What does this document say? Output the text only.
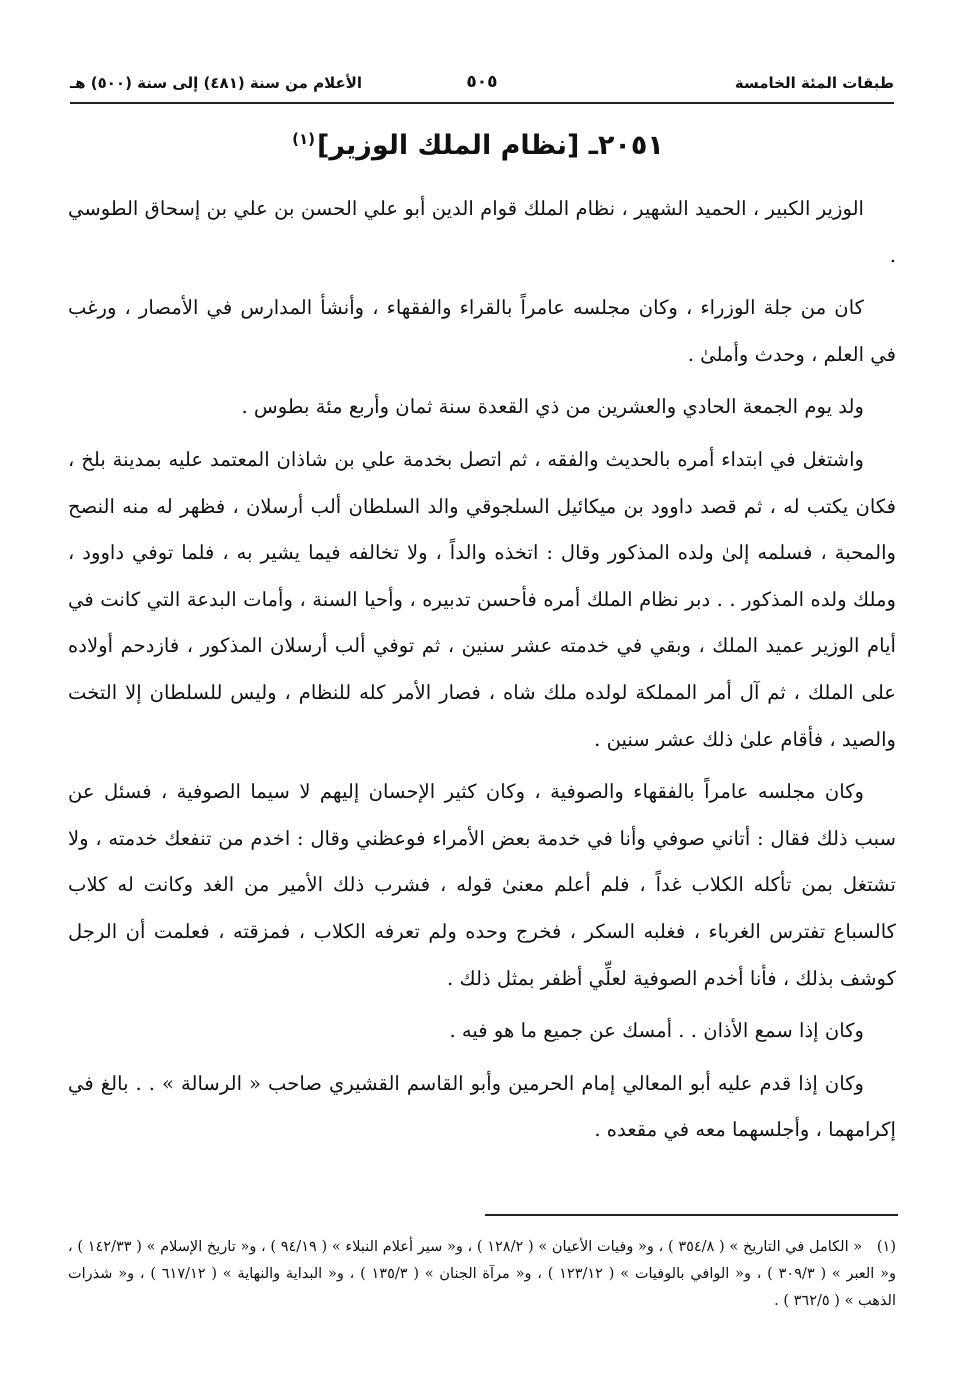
طبقات المئة الخامسة
٥٠٥
الأعلام من سنة (٤٨١) إلى سنة (٥٠٠) هـ
٢٠٥١ـ [نظام الملك الوزير]$^{(١)}$

الوزير الكبير ، الحميد الشهير ، نظام الملك قوام الدين أبو علي الحسن بن علي بن إسحاق الطوسي .

كان من جلة الوزراء ، وكان مجلسه عامراً بالقراء والفقهاء ، وأنشأ المدارس في الأمصار ، ورغب في العلم ، وحدث وأملىٰ .

ولد يوم الجمعة الحادي والعشرين من ذي القعدة سنة ثمان وأربع مئة بطوس .

واشتغل في ابتداء أمره بالحديث والفقه ، ثم اتصل بخدمة علي بن شاذان المعتمد عليه بمدينة بلخ ، فكان يكتب له ، ثم قصد داوود بن ميكائيل السلجوقي والد السلطان ألب أرسلان ، فظهر له منه النصح والمحبة ، فسلمه إلىٰ ولده المذكور وقال : اتخذه والداً ، ولا تخالفه فيما يشير به ، فلما توفي داوود ، وملك ولده المذكور . . دبر نظام الملك أمره فأحسن تدبيره ، وأحيا السنة ، وأمات البدعة التي كانت في أيام الوزير عميد الملك ، وبقي في خدمته عشر سنين ، ثم توفي ألب أرسلان المذكور ، فازدحم أولاده على الملك ، ثم آل أمر المملكة لولده ملك شاه ، فصار الأمر كله للنظام ، وليس للسلطان إلا التخت والصيد ، فأقام علىٰ ذلك عشر سنين .

وكان مجلسه عامراً بالفقهاء والصوفية ، وكان كثير الإحسان إليهم لا سيما الصوفية ، فسئل عن سبب ذلك فقال : أتاني صوفي وأنا في خدمة بعض الأمراء فوعظني وقال : اخدم من تنفعك خدمته ، ولا تشتغل بمن تأكله الكلاب غداً ، فلم أعلم معنىٰ قوله ، فشرب ذلك الأمير من الغد وكانت له كلاب كالسباع تفترس الغرباء ، فغلبه السكر ، فخرج وحده ولم تعرفه الكلاب ، فمزقته ، فعلمت أن الرجل كوشف بذلك ، فأنا أخدم الصوفية لعلِّي أظفر بمثل ذلك .

وكان إذا سمع الأذان . . أمسك عن جميع ما هو فيه .

وكان إذا قدم عليه أبو المعالي إمام الحرمين وأبو القاسم القشيري صاحب « الرسالة » . . بالغ في إكرامهما ، وأجلسهما معه في مقعده .

(١) « الكامل في التاريخ » ( ٣٥٤/٨ ) ، و« وفيات الأعيان » ( ١٢٨/٢ ) ، و« سير أعلام النبلاء » ( ٩٤/١٩ ) ، و« تاريخ الإسلام » ( ١٤٢/٣٣ ) ، و« العبر » ( ٣٠٩/٣ ) ، و« الوافي بالوفيات » ( ١٢٣/١٢ ) ، و« مرآة الجنان » ( ١٣٥/٣ ) ، و« البداية والنهاية » ( ٦١٧/١٢ ) ، و« شذرات الذهب » ( ٣٦٢/٥ ) .
